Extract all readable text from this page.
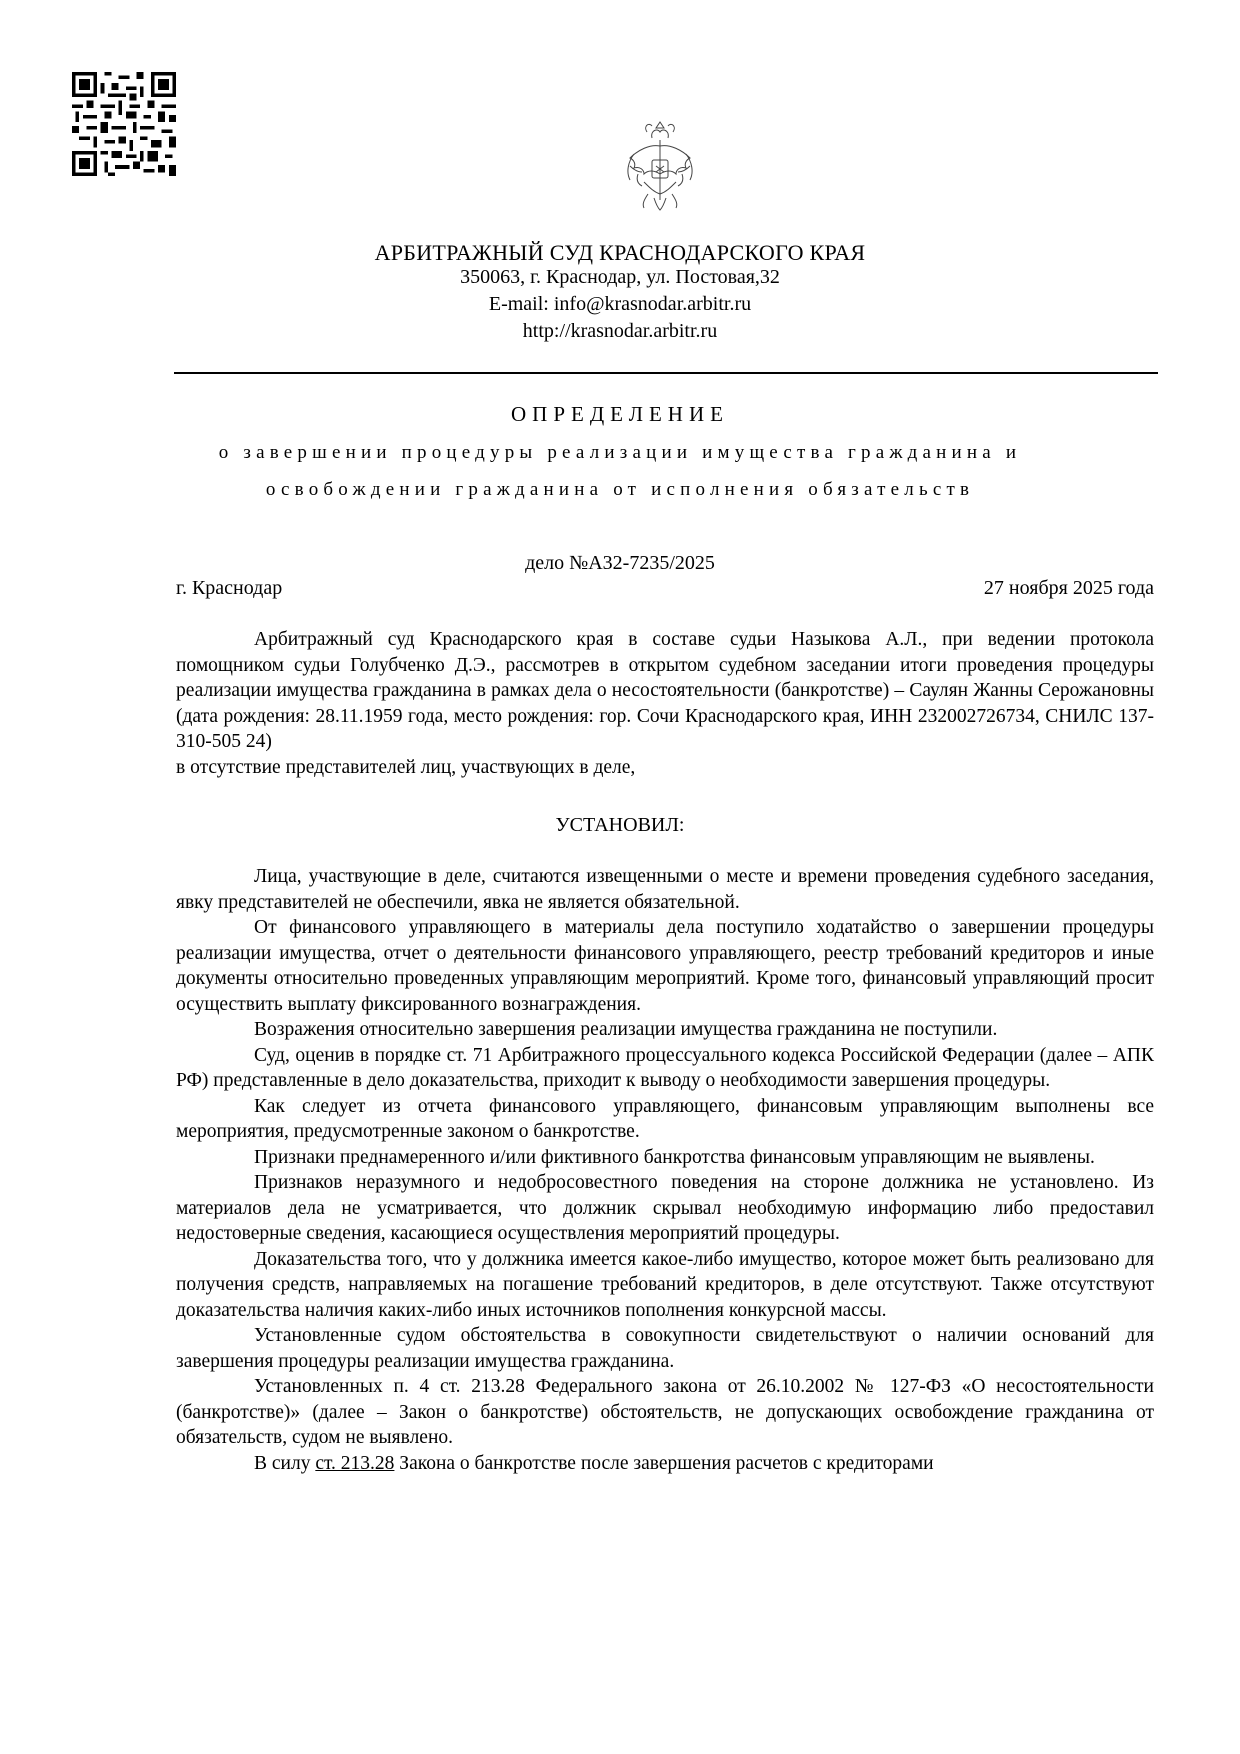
АРБИТРАЖНЫЙ СУД КРАСНОДАРСКОГО КРАЯ
350063, г. Краснодар, ул. Постовая,32
E-mail: info@krasnodar.arbitr.ru
http://krasnodar.arbitr.ru
ОПРЕДЕЛЕНИЕ
о завершении процедуры реализации имущества гражданина и
освобождении гражданина от исполнения обязательств
дело №А32-7235/2025
г. Краснодар	27 ноября 2025 года

Арбитражный суд Краснодарского края в составе судьи Назыкова А.Л., при ведении протокола помощником судьи Голубченко Д.Э., рассмотрев в открытом судебном заседании итоги проведения процедуры реализации имущества гражданина в рамках дела о несостоятельности (банкротстве) – Саулян Жанны Серожановны (дата рождения: 28.11.1959 года, место рождения: гор. Сочи Краснодарского края, ИНН 232002726734, СНИЛС 137-310-505 24)

в отсутствие представителей лиц, участвующих в деле,

УСТАНОВИЛ:

Лица, участвующие в деле, считаются извещенными о месте и времени проведения судебного заседания, явку представителей не обеспечили, явка не является обязательной.

От финансового управляющего в материалы дела поступило ходатайство о завершении процедуры реализации имущества, отчет о деятельности финансового управляющего, реестр требований кредиторов и иные документы относительно проведенных управляющим мероприятий. Кроме того, финансовый управляющий просит осуществить выплату фиксированного вознаграждения.

Возражения относительно завершения реализации имущества гражданина не поступили.

Суд, оценив в порядке ст. 71 Арбитражного процессуального кодекса Российской Федерации (далее – АПК РФ) представленные в дело доказательства, приходит к выводу о необходимости завершения процедуры.

Как следует из отчета финансового управляющего, финансовым управляющим выполнены все мероприятия, предусмотренные законом о банкротстве.

Признаки преднамеренного и/или фиктивного банкротства финансовым управляющим не выявлены.

Признаков неразумного и недобросовестного поведения на стороне должника не установлено. Из материалов дела не усматривается, что должник скрывал необходимую информацию либо предоставил недостоверные сведения, касающиеся осуществления мероприятий процедуры.

Доказательства того, что у должника имеется какое-либо имущество, которое может быть реализовано для получения средств, направляемых на погашение требований кредиторов, в деле отсутствуют. Также отсутствуют доказательства наличия каких-либо иных источников пополнения конкурсной массы.

Установленные судом обстоятельства в совокупности свидетельствуют о наличии оснований для завершения процедуры реализации имущества гражданина.

Установленных п. 4 ст. 213.28 Федерального закона от 26.10.2002 № 127-ФЗ «О несостоятельности (банкротстве)» (далее – Закон о банкротстве) обстоятельств, не допускающих освобождение гражданина от обязательств, судом не выявлено.

В силу ст. 213.28 Закона о банкротстве после завершения расчетов с кредиторами
